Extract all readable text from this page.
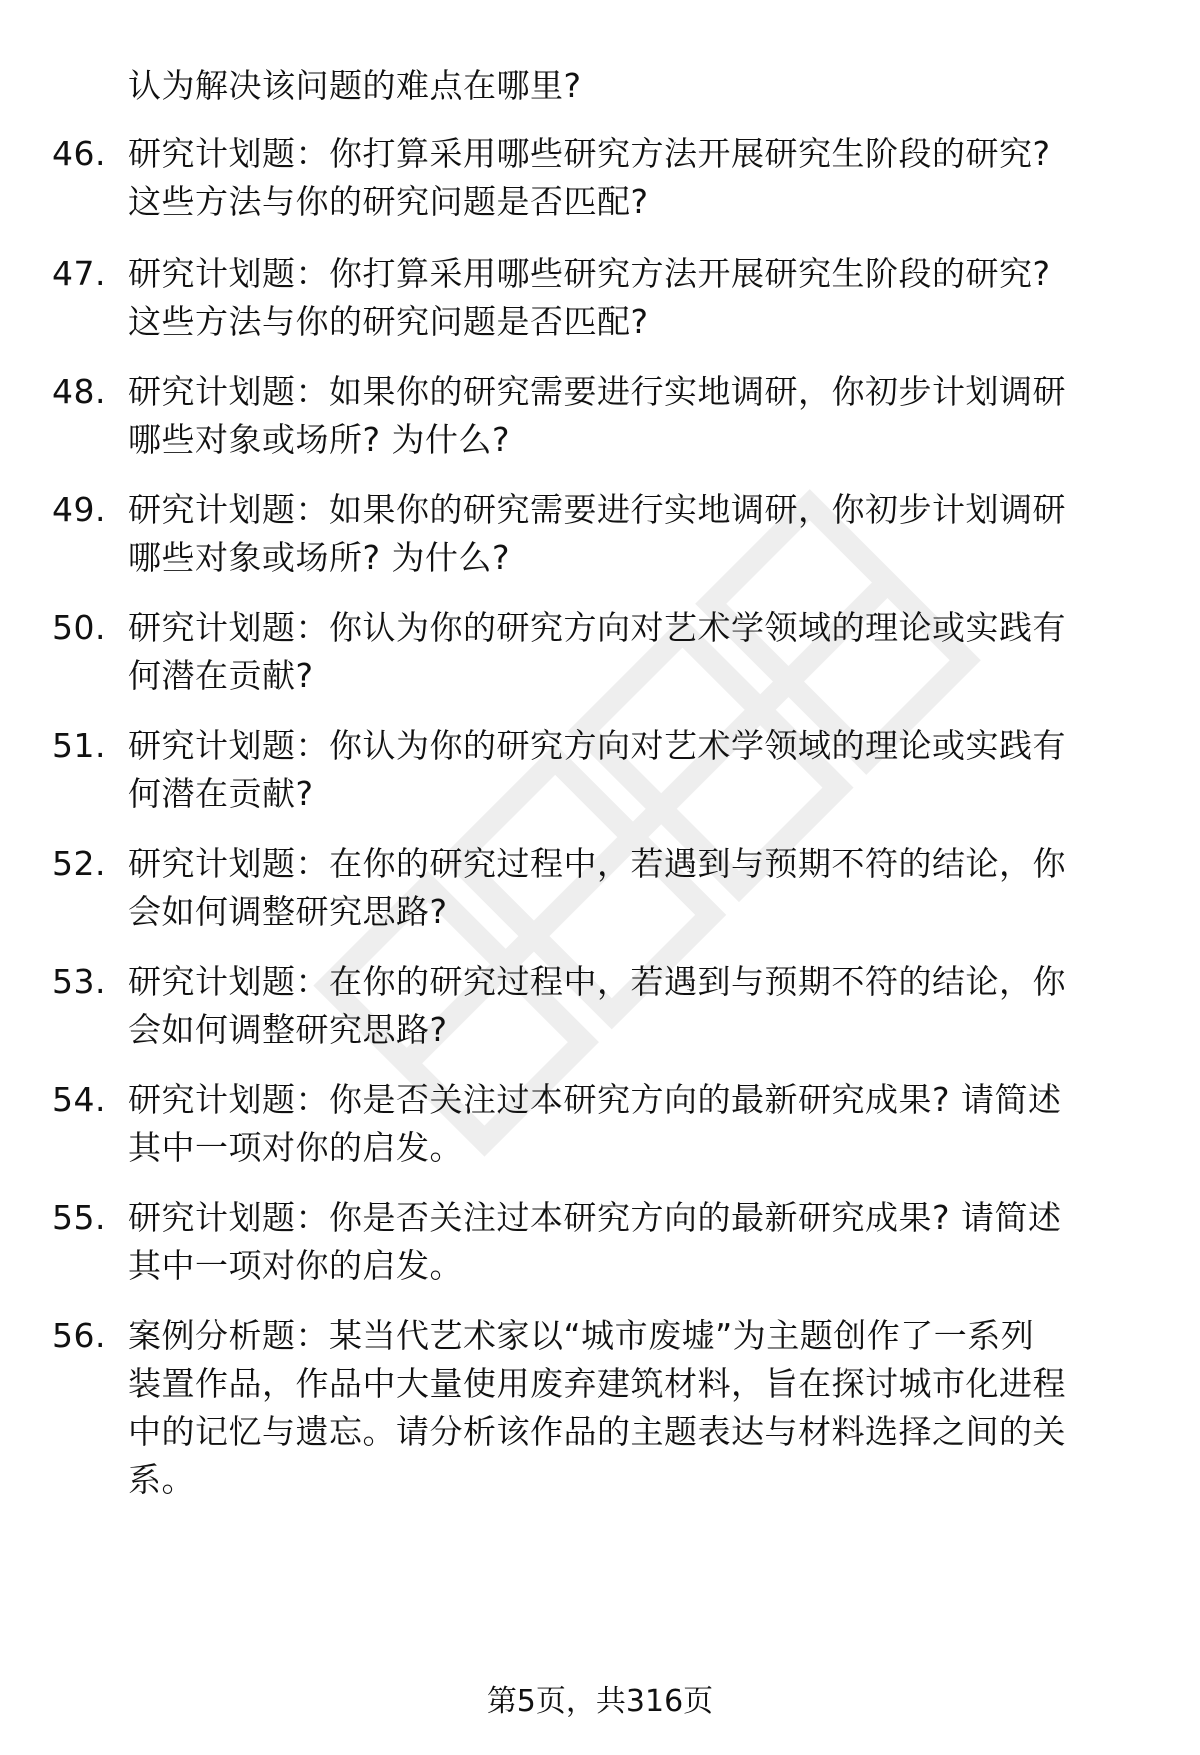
认为解决该问题的难点在哪里?
46. 研究计划题：你打算采用哪些研究方法开展研究生阶段的研究?
这些方法与你的研究问题是否匹配?
47. 研究计划题：你打算采用哪些研究方法开展研究生阶段的研究?
这些方法与你的研究问题是否匹配?
48. 研究计划题：如果你的研究需要进行实地调研，你初步计划调研
哪些对象或场所? 为什么?
49. 研究计划题：如果你的研究需要进行实地调研，你初步计划调研
哪些对象或场所? 为什么?
50. 研究计划题：你认为你的研究方向对艺术学领域的理论或实践有
何潜在贡献?
51. 研究计划题：你认为你的研究方向对艺术学领域的理论或实践有
何潜在贡献?
52. 研究计划题：在你的研究过程中，若遇到与预期不符的结论，你
会如何调整研究思路?
53. 研究计划题：在你的研究过程中，若遇到与预期不符的结论，你
会如何调整研究思路?
54. 研究计划题：你是否关注过本研究方向的最新研究成果? 请简述
其中一项对你的启发。
55. 研究计划题：你是否关注过本研究方向的最新研究成果? 请简述
其中一项对你的启发。
56. 案例分析题：某当代艺术家以“城市废墟”为主题创作了一系列
装置作品，作品中大量使用废弃建筑材料，旨在探讨城市化进程
中的记忆与遗忘。请分析该作品的主题表达与材料选择之间的关
系。
第5页，共316页
